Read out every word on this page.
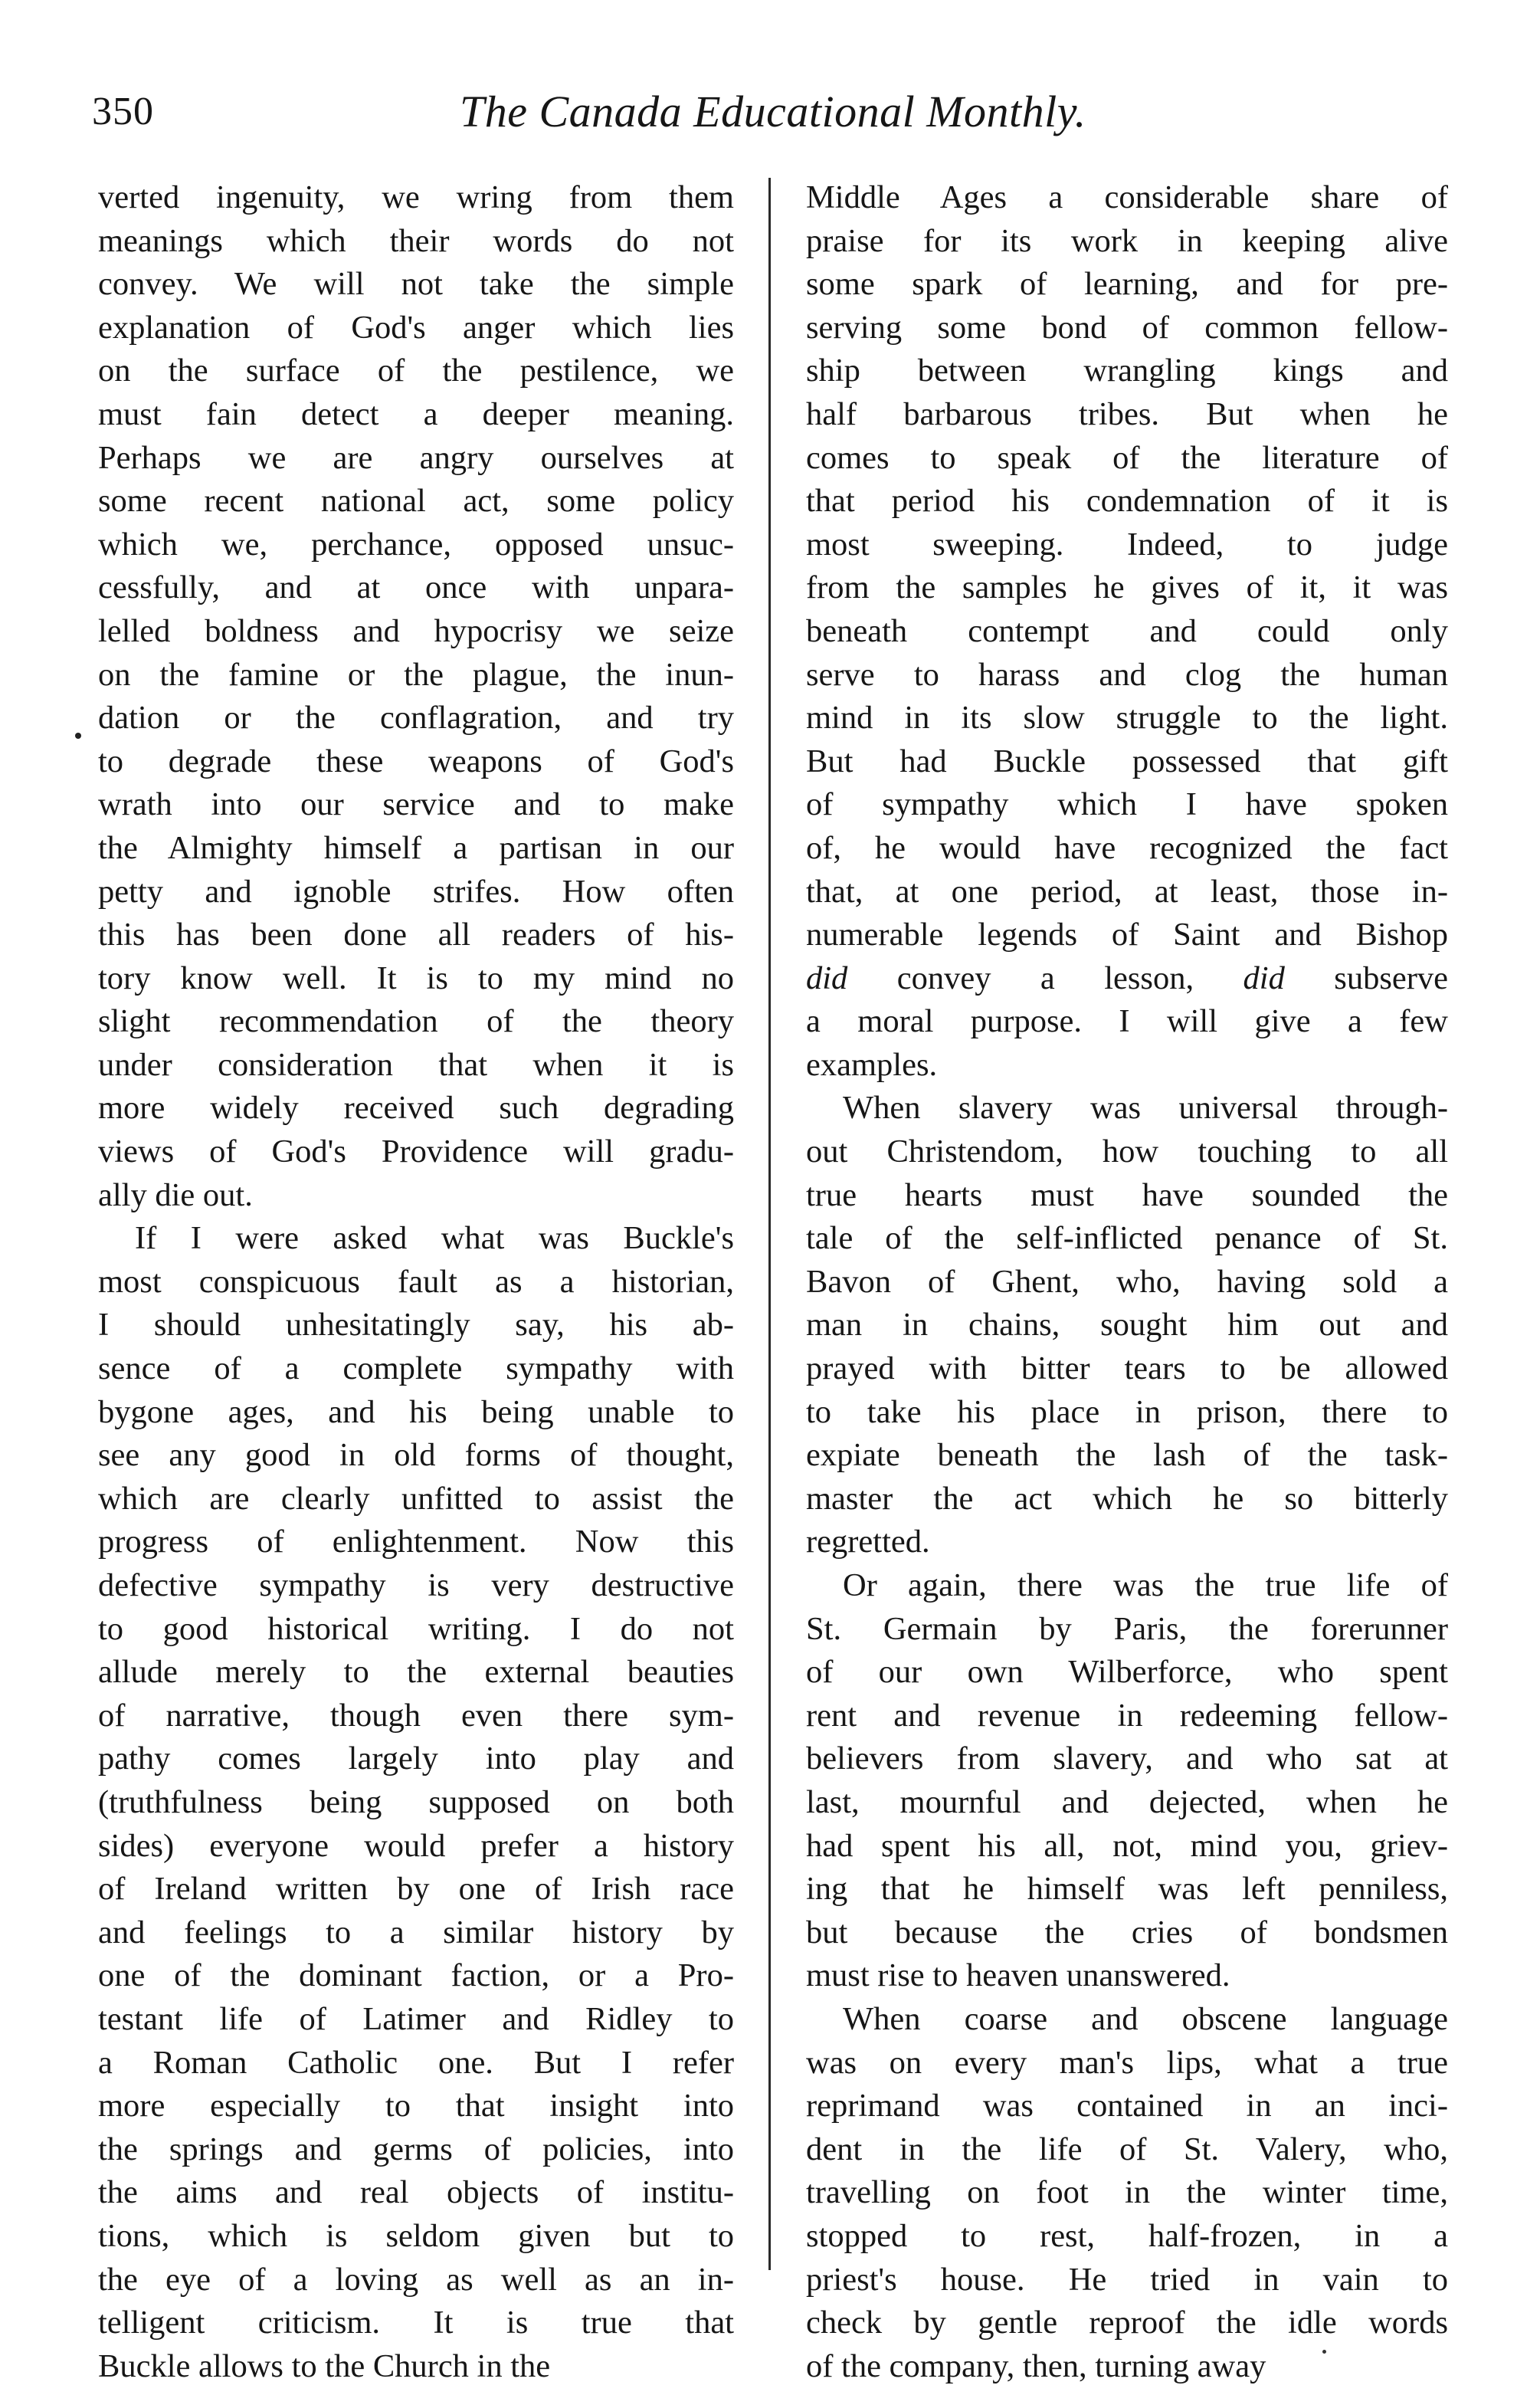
350	The Canada Educational Monthly.

verted ingenuity, we wring from them
meanings which their words do not
convey. We will not take the simple
explanation of God's anger which lies
on the surface of the pestilence, we
must fain detect a deeper meaning.
Perhaps we are angry ourselves at
some recent national act, some policy
which we, perchance, opposed unsuc-
cessfully, and at once with unpara-
lelled boldness and hypocrisy we seize
on the famine or the plague, the inun-
dation or the conflagration, and try
to degrade these weapons of God's
wrath into our service and to make
the Almighty himself a partisan in our
petty and ignoble strifes. How often
this has been done all readers of his-
tory know well. It is to my mind no
slight recommendation of the theory
under consideration that when it is
more widely received such degrading
views of God's Providence will gradu-
ally die out.

If I were asked what was Buckle's
most conspicuous fault as a historian,
I should unhesitatingly say, his ab-
sence of a complete sympathy with
bygone ages, and his being unable to
see any good in old forms of thought,
which are clearly unfitted to assist the
progress of enlightenment. Now this
defective sympathy is very destructive
to good historical writing. I do not
allude merely to the external beauties
of narrative, though even there sym-
pathy comes largely into play and
(truthfulness being supposed on both
sides) everyone would prefer a history
of Ireland written by one of Irish race
and feelings to a similar history by
one of the dominant faction, or a Pro-
testant life of Latimer and Ridley to
a Roman Catholic one. But I refer
more especially to that insight into
the springs and germs of policies, into
the aims and real objects of institu-
tions, which is seldom given but to
the eye of a loving as well as an in-
telligent criticism. It is true that
Buckle allows to the Church in the

Middle Ages a considerable share of
praise for its work in keeping alive
some spark of learning, and for pre-
serving some bond of common fellow-
ship between wrangling kings and
half barbarous tribes. But when he
comes to speak of the literature of
that period his condemnation of it is
most sweeping. Indeed, to judge
from the samples he gives of it, it was
beneath contempt and could only
serve to harass and clog the human
mind in its slow struggle to the light.
But had Buckle possessed that gift
of sympathy which I have spoken
of, he would have recognized the fact
that, at one period, at least, those in-
numerable legends of Saint and Bishop
did convey a lesson, did subserve
a moral purpose. I will give a few
examples.

When slavery was universal through-
out Christendom, how touching to all
true hearts must have sounded the
tale of the self-inflicted penance of St.
Bavon of Ghent, who, having sold a
man in chains, sought him out and
prayed with bitter tears to be allowed
to take his place in prison, there to
expiate beneath the lash of the task-
master the act which he so bitterly
regretted.

Or again, there was the true life of
St. Germain by Paris, the forerunner
of our own Wilberforce, who spent
rent and revenue in redeeming fellow-
believers from slavery, and who sat at
last, mournful and dejected, when he
had spent his all, not, mind you, griev-
ing that he himself was left penniless,
but because the cries of bondsmen
must rise to heaven unanswered.

When coarse and obscene language
was on every man's lips, what a true
reprimand was contained in an inci-
dent in the life of St. Valery, who,
travelling on foot in the winter time,
stopped to rest, half-frozen, in a
priest's house. He tried in vain to
check by gentle reproof the idle words
of the company, then, turning away
